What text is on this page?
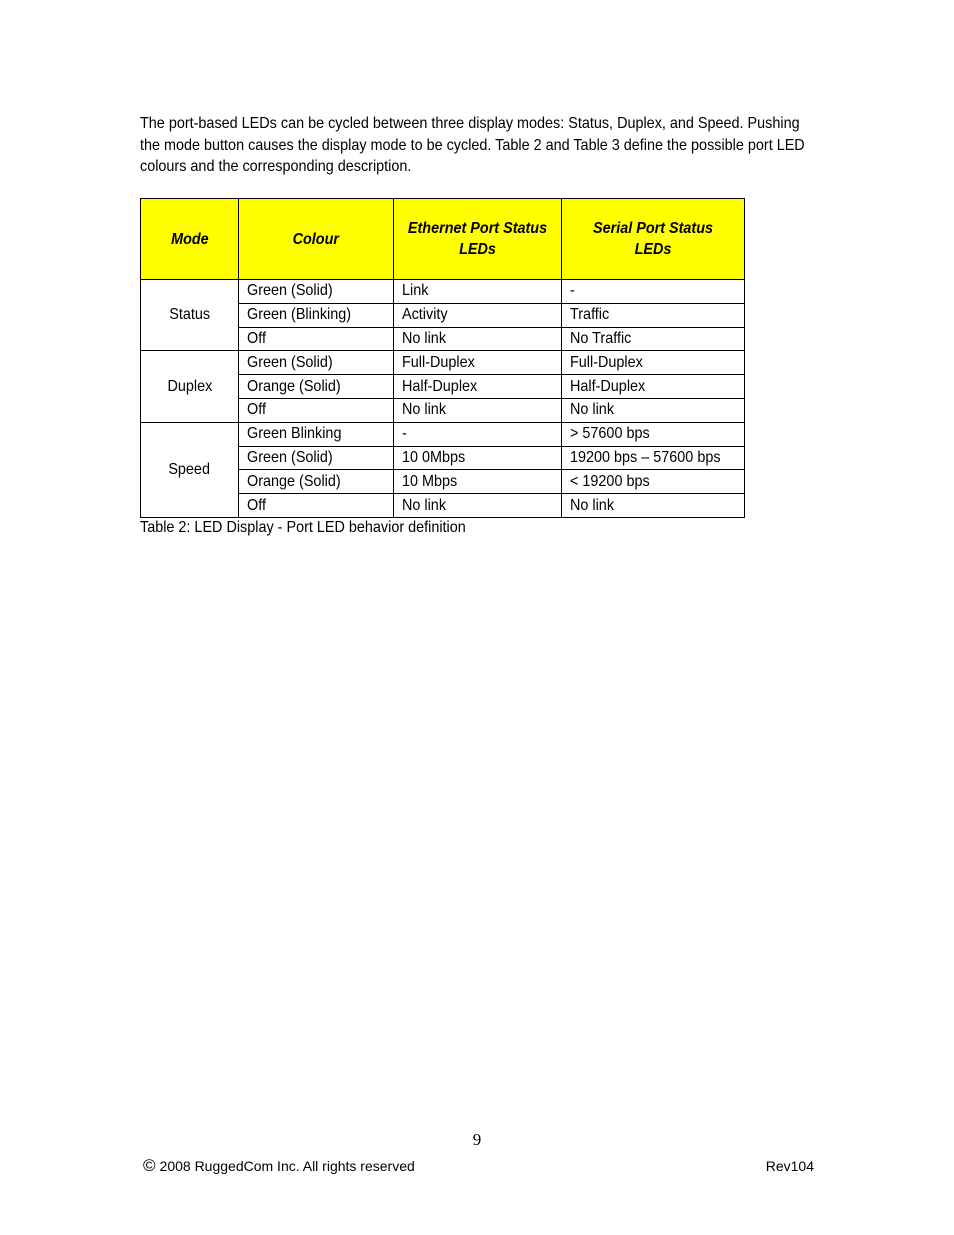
The port-based LEDs can be cycled between three display modes: Status, Duplex, and Speed. Pushing the mode button causes the display mode to be cycled. Table 2 and Table 3 define the possible port LED colours and the corresponding description.

Mode	Colour	Ethernet Port Status LEDs	Serial Port Status LEDs
Status	Green (Solid)	Link	-
	Green (Blinking)	Activity	Traffic
	Off	No link	No Traffic
Duplex	Green (Solid)	Full-Duplex	Full-Duplex
	Orange (Solid)	Half-Duplex	Half-Duplex
	Off	No link	No link
Speed	Green Blinking	-	> 57600 bps
	Green (Solid)	10 0Mbps	19200 bps – 57600 bps
	Orange (Solid)	10 Mbps	< 19200 bps
	Off	No link	No link

Table 2: LED Display - Port LED behavior definition

9
© 2008 RuggedCom Inc. All rights reserved	Rev104
